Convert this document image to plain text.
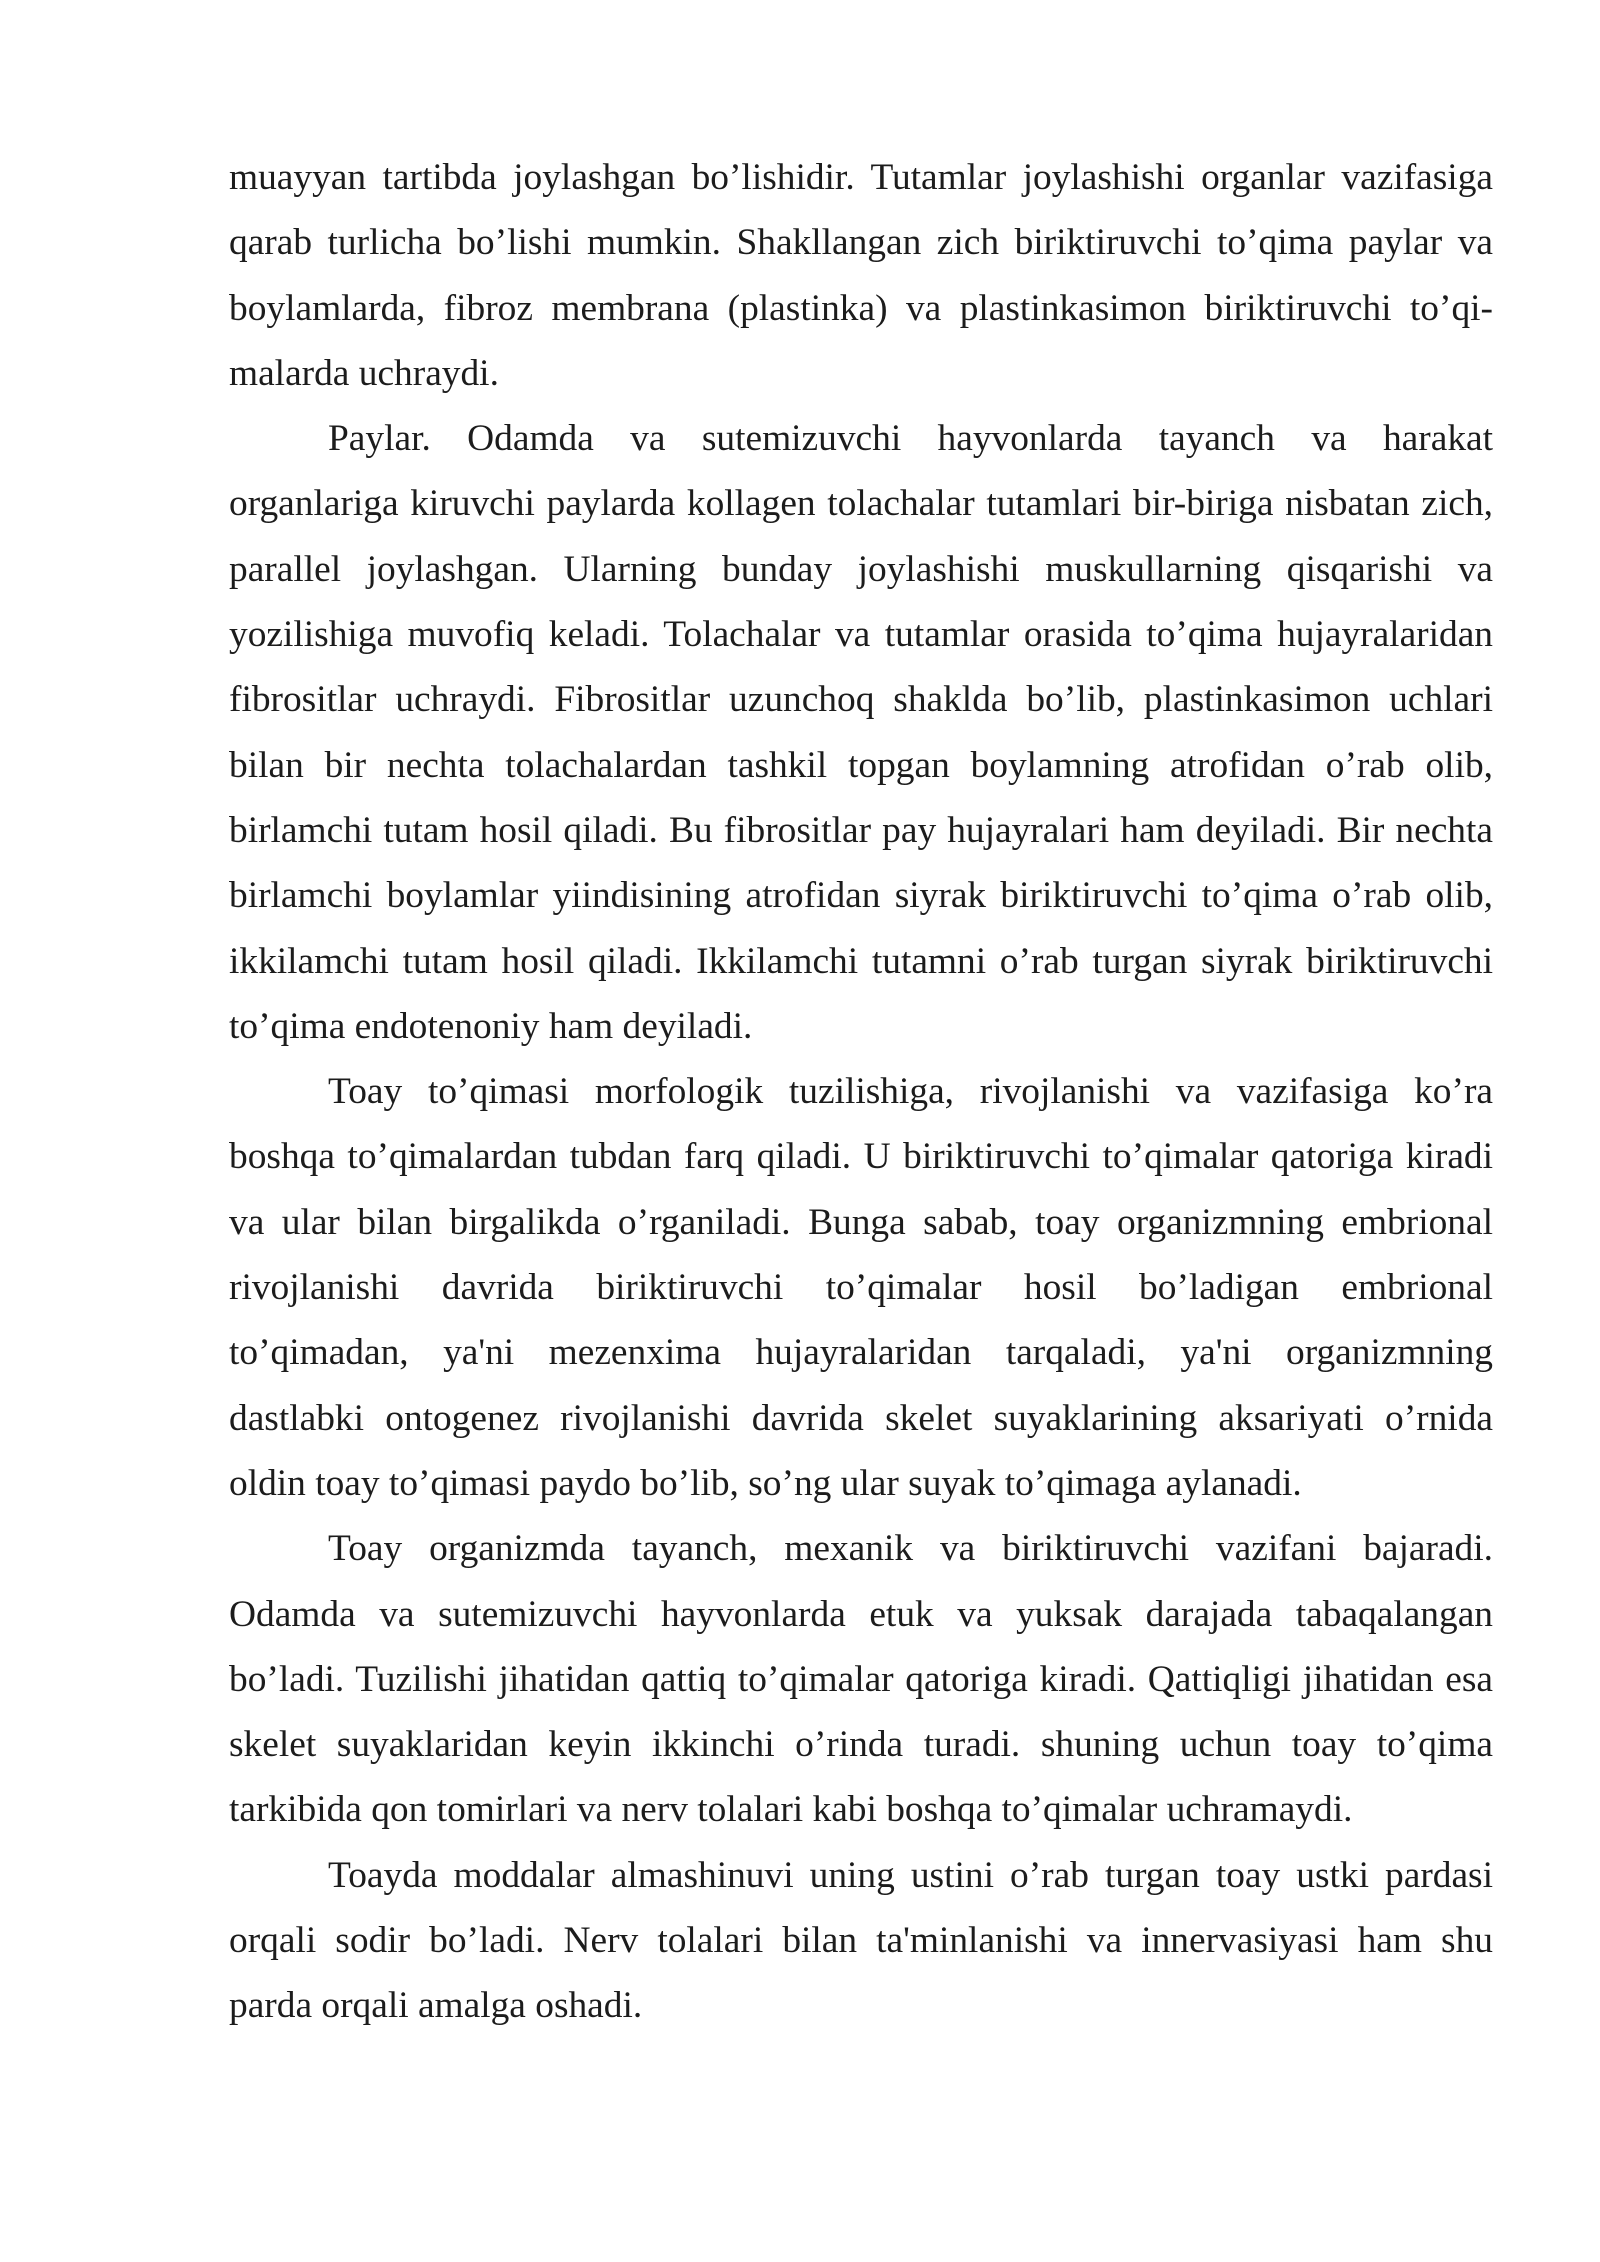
muayyan tartibda joylashgan bo’lishidir. Tutamlar joylashishi organlar vazifasiga
qarab turlicha bo’lishi mumkin. Shakllangan zich biriktiruvchi to’qima paylar va
boylamlarda, fibroz membrana (plastinka) va plastinkasimon biriktiruvchi to’qi-
malarda uchraydi.
Paylar. Odamda va sutemizuvchi hayvonlarda tayanch va harakat
organlariga kiruvchi paylarda kollagen tolachalar tutamlari bir-biriga nisbatan zich,
parallel joylashgan. Ularning bunday joylashishi muskullarning qisqarishi va
yozilishiga muvofiq keladi. Tolachalar va tutamlar orasida to’qima hujayralaridan
fibrositlar uchraydi. Fibrositlar uzunchoq shaklda bo’lib, plastinkasimon uchlari
bilan bir nechta tolachalardan tashkil topgan boylamning atrofidan o’rab olib,
birlamchi tutam hosil qiladi. Bu fibrositlar pay hujayralari ham deyiladi. Bir nechta
birlamchi boylamlar yiindisining atrofidan siyrak biriktiruvchi to’qima o’rab olib,
ikkilamchi tutam hosil qiladi. Ikkilamchi tutamni o’rab turgan siyrak biriktiruvchi
to’qima endotenoniy ham deyiladi.
Toay to’qimasi morfologik tuzilishiga, rivojlanishi va vazifasiga ko’ra
boshqa to’qimalardan tubdan farq qiladi. U biriktiruvchi to’qimalar qatoriga kiradi
va ular bilan birgalikda o’rganiladi. Bunga sabab, toay organizmning embrional
rivojlanishi davrida biriktiruvchi to’qimalar hosil bo’ladigan embrional
to’qimadan, ya'ni mezenxima hujayralaridan tarqaladi, ya'ni organizmning
dastlabki ontogenez rivojlanishi davrida skelet suyaklarining aksariyati o’rnida
oldin toay to’qimasi paydo bo’lib, so’ng ular suyak to’qimaga aylanadi.
Toay organizmda tayanch, mexanik va biriktiruvchi vazifani bajaradi.
Odamda va sutemizuvchi hayvonlarda etuk va yuksak darajada tabaqalangan
bo’ladi. Tuzilishi jihatidan qattiq to’qimalar qatoriga kiradi. Qattiqligi jihatidan esa
skelet suyaklaridan keyin ikkinchi o’rinda turadi. shuning uchun toay to’qima
tarkibida qon tomirlari va nerv tolalari kabi boshqa to’qimalar uchramaydi.
Toayda moddalar almashinuvi uning ustini o’rab turgan toay ustki pardasi
orqali sodir bo’ladi. Nerv tolalari bilan ta'minlanishi va innervasiyasi ham shu
parda orqali amalga oshadi.
